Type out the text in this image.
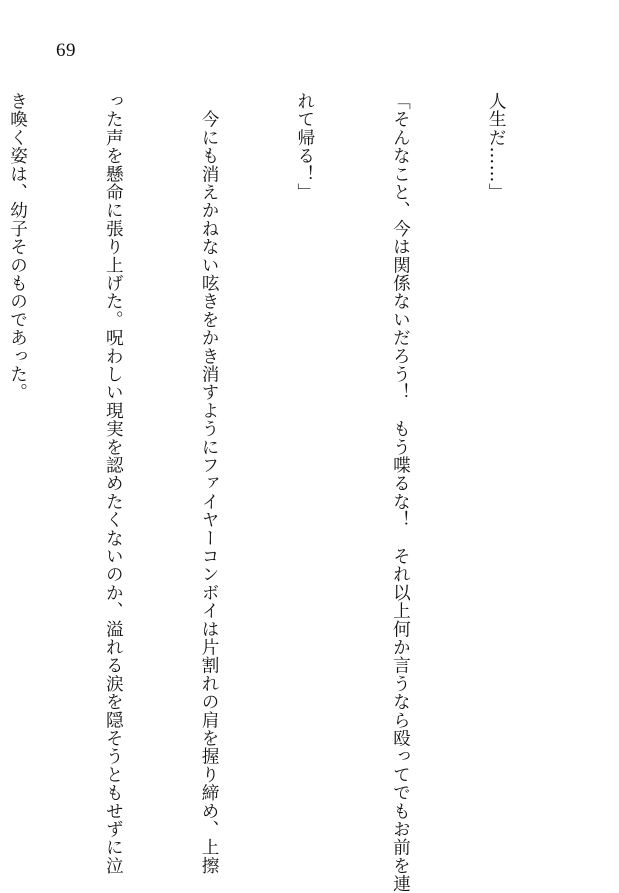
69

人生だ……」

「そんなこと、今は関係ないだろう！　もう喋るな！　それ以上何か言うなら殴ってでもお前を連

れて帰る！」

　今にも消えかねない呟きをかき消すようにファイヤーコンボイは片割れの肩を握り締め、上擦

った声を懸命に張り上げた。呪わしい現実を認めたくないのか、溢れる涙を隠そうともせずに泣

き喚く姿は、幼子そのものであった。
